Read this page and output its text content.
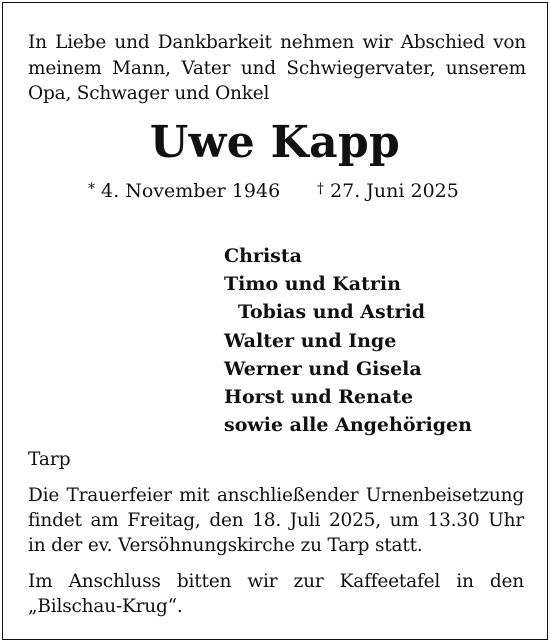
In Liebe und Dankbarkeit nehmen wir Abschied von
meinem Mann, Vater und Schwiegervater, unserem
Opa, Schwager und Onkel
Uwe Kapp
* 4. November 1946	† 27. Juni 2025
Christa
Timo und Katrin
Tobias und Astrid
Walter und Inge
Werner und Gisela
Horst und Renate
sowie alle Angehörigen
Tarp
Die Trauerfeier mit anschließender Urnenbeisetzung
findet am Freitag, den 18. Juli 2025, um 13.30 Uhr
in der ev. Versöhnungskirche zu Tarp statt.
Im Anschluss bitten wir zur Kaffeetafel in den
„Bilschau-Krug“.
